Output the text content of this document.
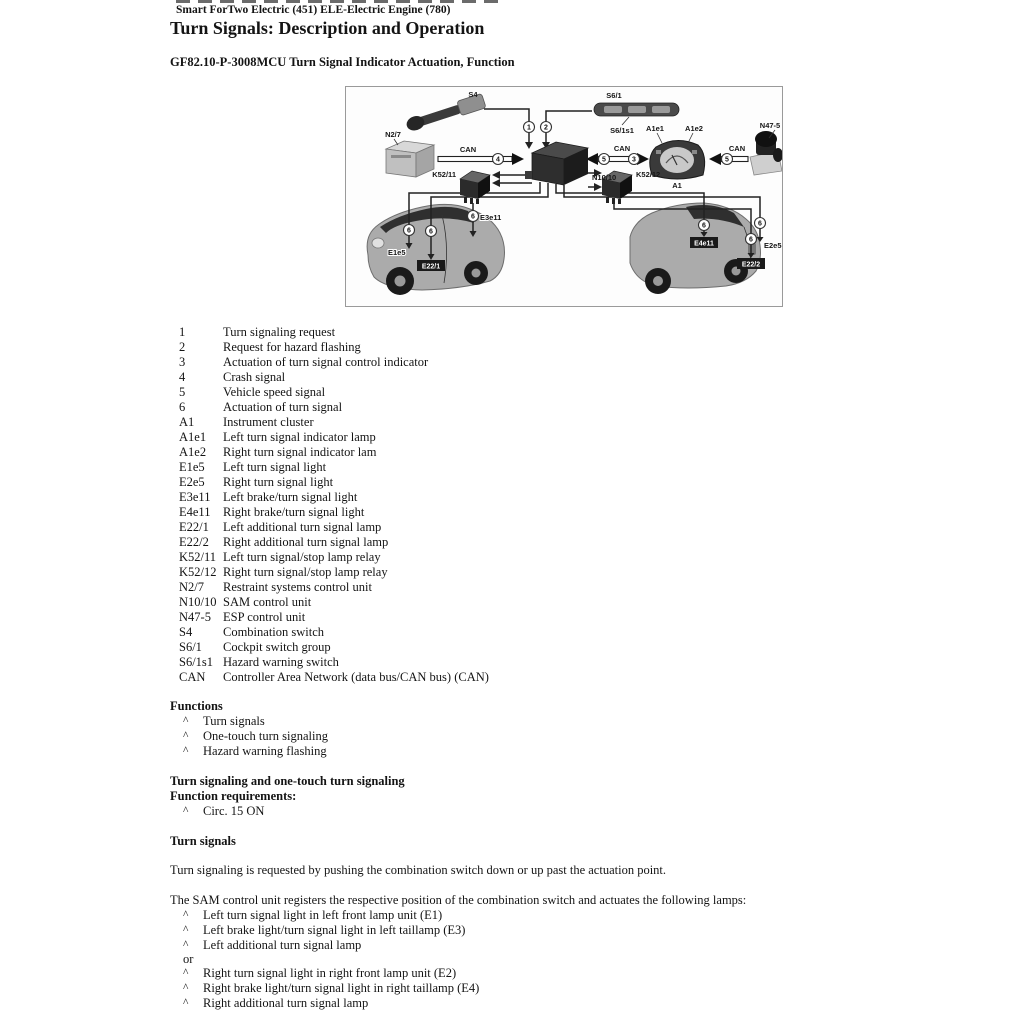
Smart ForTwo Electric (451) ELE-Electric Engine (780)
Turn Signals: Description and Operation
GF82.10-P-3008MCU Turn Signal Indicator Actuation, Function
1 2
4	5	3	5
6	6
6
6	6
6
S4	S6/1
S6/1s1
N2/7
CAN
N10/10
CAN
A1
A1e1	A1e2
CAN
N47-5
K52/11	K52/12
E1e5
E22/1
E3e11
E4e11	E2e5
E22/2
1	Turn signaling request
2	Request for hazard flashing
3	Actuation of turn signal control indicator
4	Crash signal
5	Vehicle speed signal
6	Actuation of turn signal
A1	Instrument cluster
A1e1	Left turn signal indicator lamp
A1e2	Right turn signal indicator lam
E1e5	Left turn signal light
E2e5	Right turn signal light
E3e11	Left brake/turn signal light
E4e11	Right brake/turn signal light
E22/1	Left additional turn signal lamp
E22/2	Right additional turn signal lamp
K52/11 Left turn signal/stop lamp relay
K52/12 Right turn signal/stop lamp relay
N2/7	Restraint systems control unit
N10/10 SAM control unit
N47-5 ESP control unit
S4	Combination switch
S6/1	Cockpit switch group
S6/1s1 Hazard warning switch
CAN	Controller Area Network (data bus/CAN bus) (CAN)
Functions
^	Turn signals
^	One-touch turn signaling
^	Hazard warning flashing
Turn signaling and one-touch turn signaling
Function requirements:
^	Circ. 15 ON
Turn signals
Turn signaling is requested by pushing the combination switch down or up past the actuation point.
The SAM control unit registers the respective position of the combination switch and actuates the following lamps:
^	Left turn signal light in left front lamp unit (E1)
^	Left brake light/turn signal light in left taillamp (E3)
^	Left additional turn signal lamp
or
^	Right turn signal light in right front lamp unit (E2)
^	Right brake light/turn signal light in right taillamp (E4)
^	Right additional turn signal lamp
